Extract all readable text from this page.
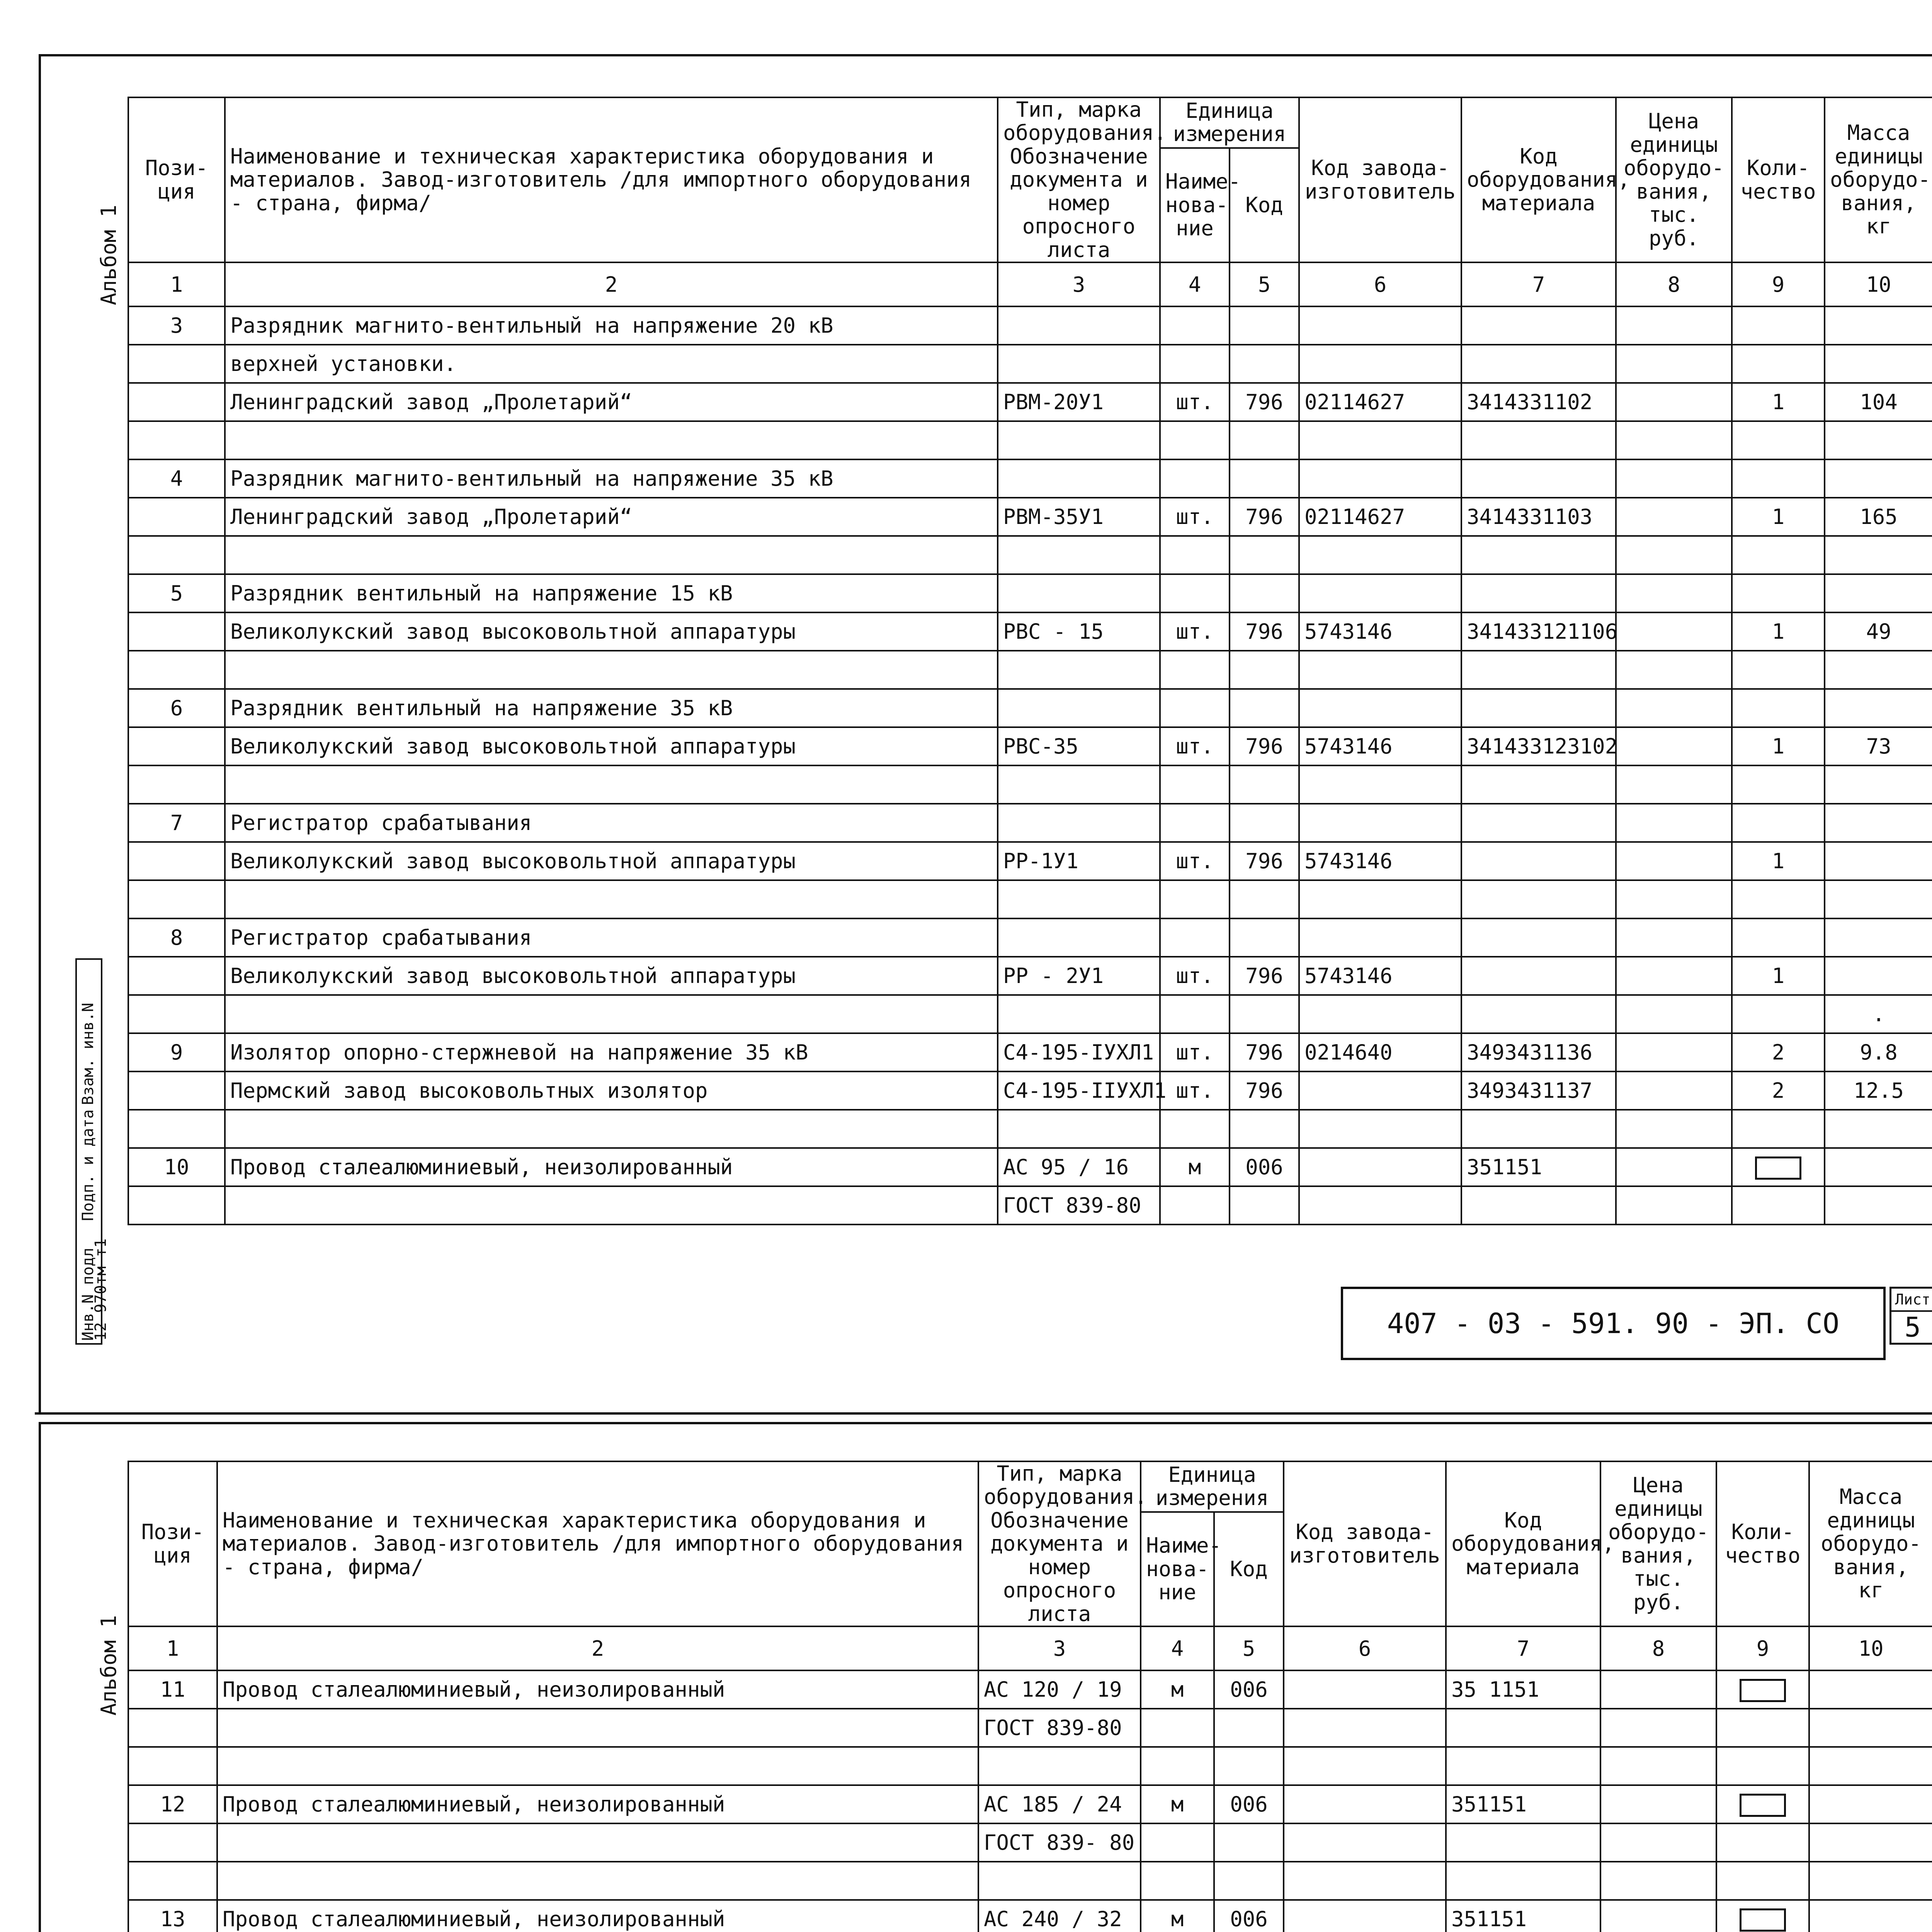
Альбом 1
Пози-ция	Наименование и техническая характеристика оборудования и материалов. Завод-изготовитель /для импортного оборудования - страна, фирма/	Тип, марка оборудования. Обозначение документа и номер опросного листа	Единица измерения		Код завода-изготовитель	Код оборудования, материала	Цена единицы оборудо-вания, тыс. руб.	Коли-чество	Масса единицы оборудо-вания, кг
			Наиме-нова-ние	Код					
1	2	3	4	5	6	7	8	9	10
3	Разрядник магнито-вентильный на напряжение 20 кВ								
	верхней установки.								
	Ленинградский завод „Пролетарий“	РВМ-20У1	шт.	796	02114627	3414331102		1	104

4	Разрядник магнито-вентильный на напряжение 35 кВ								
	Ленинградский завод „Пролетарий“	РВМ-35У1	шт.	796	02114627	3414331103		1	165

5	Разрядник вентильный на напряжение 15 кВ								
	Великолукский завод высоковольтной аппаратуры	РВС - 15	шт.	796	5743146	341433121106		1	49

6	Разрядник вентильный на напряжение 35 кВ								
	Великолукский завод высоковольтной аппаратуры	РВС-35	шт.	796	5743146	341433123102		1	73

7	Регистратор срабатывания								
	Великолукский завод высоковольтной аппаратуры	РР-1У1	шт.	796	5743146			1	

8	Регистратор срабатывания								
	Великолукский завод высоковольтной аппаратуры	РР - 2У1	шт.	796	5743146			1	
									.
9	Изолятор опорно-стержневой на напряжение 35 кВ	С4-195-IУХЛ1	шт.	796	0214640	3493431136		2	9.8
	Пермский завод высоковольтных изолятор	С4-195-IIУХЛ1	шт.	796		3493431137		2	12.5

10	Провод сталеалюминиевый, неизолированный	АС 95 / 16	м	006		351151			
		ГОСТ 839-80							
Взам. инв.N
Подп. и дата
Инв.N подл
12 970тм-т1	407 - 03 - 591. 90 - ЭП. СО
Лист
5
Альбом 1
Пози-ция	Наименование и техническая характеристика оборудования и материалов. Завод-изготовитель /для импортного оборудования - страна, фирма/	Тип, марка оборудования. Обозначение документа и номер опросного листа	Единица измерения		Код завода-изготовитель	Код оборудования, материала	Цена единицы оборудо-вания, тыс. руб.	Коли-чество	Масса единицы оборудо-вания, кг
			Наиме-нова-ние	Код					
1	2	3	4	5	6	7	8	9	10
11	Провод сталеалюминиевый, неизолированный	АС 120 / 19	м	006		35 1151			
		ГОСТ 839-80							

12	Провод сталеалюминиевый, неизолированный	АС 185 / 24	м	006		351151			
		ГОСТ 839- 80							

13	Провод сталеалюминиевый, неизолированный	АС 240 / 32	м	006		351151			
